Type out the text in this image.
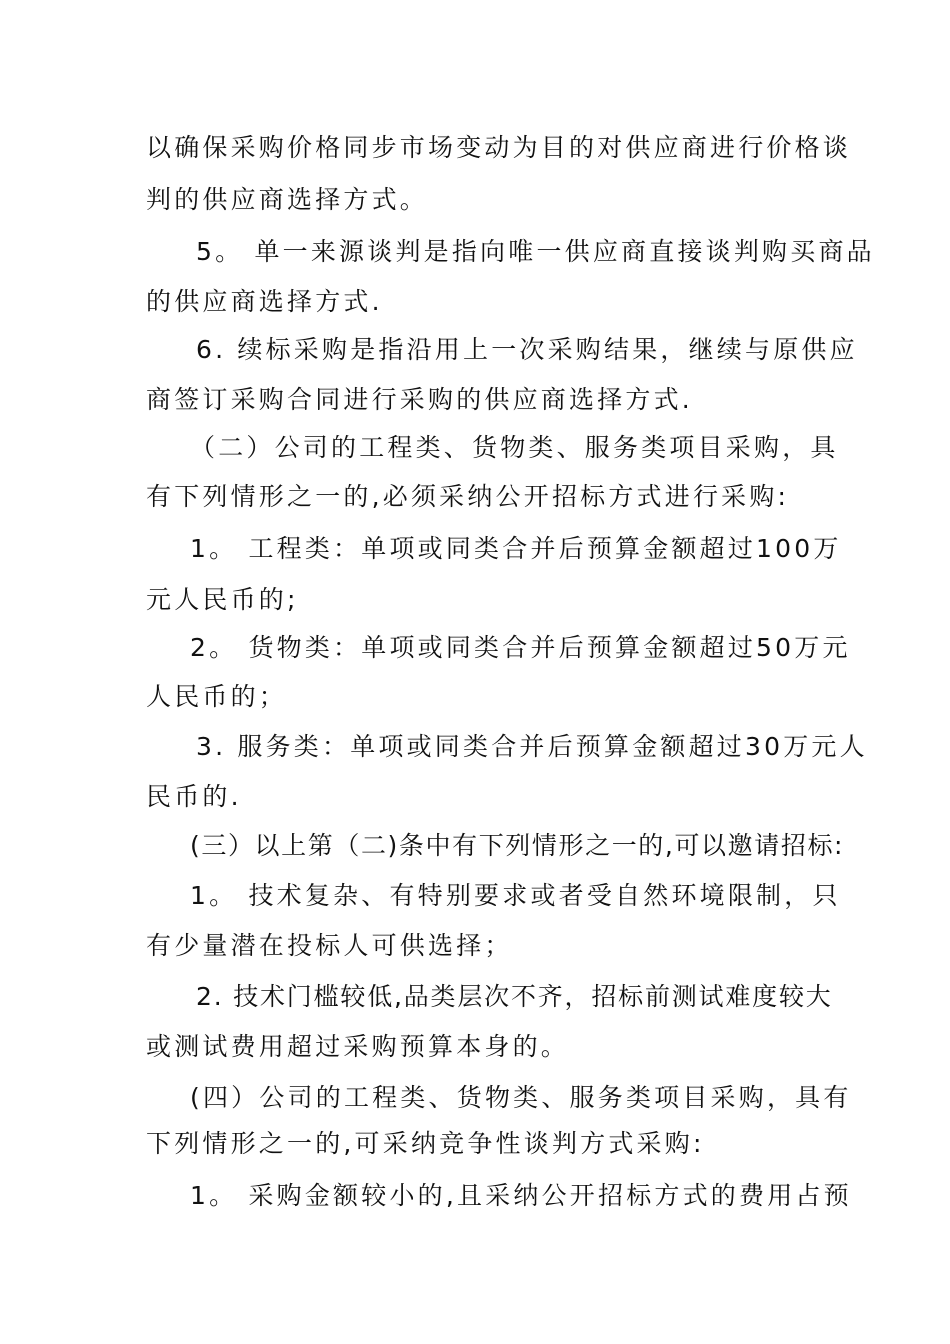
以确保采购价格同步市场变动为目的对供应商进行价格谈
判的供应商选择方式。
5。 单一来源谈判是指向唯一供应商直接谈判购买商品
的供应商选择方式.
6. 续标采购是指沿用上一次采购结果，继续与原供应
商签订采购合同进行采购的供应商选择方式.
（二）公司的工程类、货物类、服务类项目采购，具
有下列情形之一的,必须采纳公开招标方式进行采购:
1。 工程类：单项或同类合并后预算金额超过100万
元人民币的;
2。 货物类：单项或同类合并后预算金额超过50万元
人民币的；
3. 服务类：单项或同类合并后预算金额超过30万元人
民币的.
(三）以上第（二)条中有下列情形之一的,可以邀请招标:
1。 技术复杂、有特别要求或者受自然环境限制，只
有少量潜在投标人可供选择；
2. 技术门槛较低,品类层次不齐，招标前测试难度较大
或测试费用超过采购预算本身的。
(四）公司的工程类、货物类、服务类项目采购，具有
下列情形之一的,可采纳竞争性谈判方式采购:
1。 采购金额较小的,且采纳公开招标方式的费用占预
